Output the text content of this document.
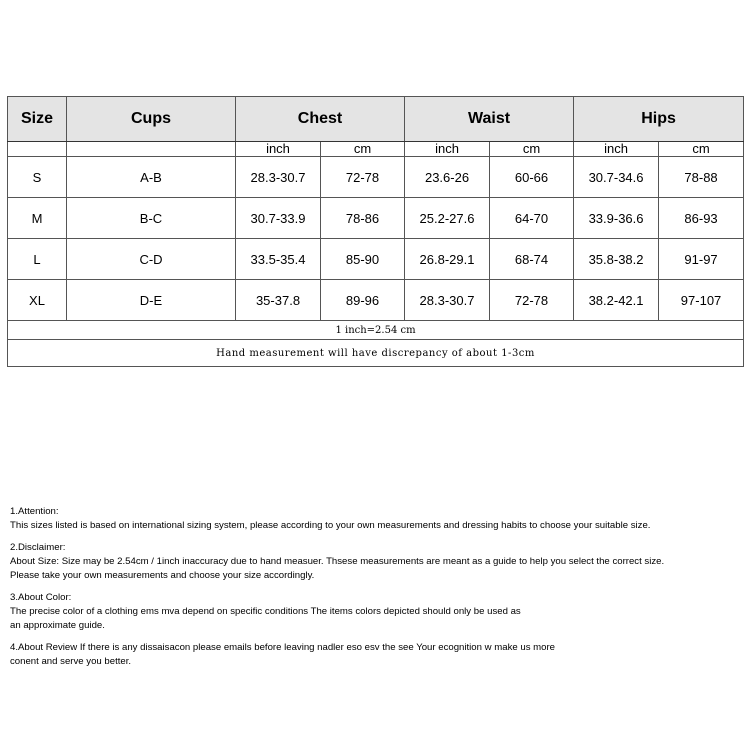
Size	Cups	Chest		Waist		Hips	
		inch	cm	inch	cm	inch	cm
S	A-B	28.3-30.7	72-78	23.6-26	60-66	30.7-34.6	78-88
M	B-C	30.7-33.9	78-86	25.2-27.6	64-70	33.9-36.6	86-93
L	C-D	33.5-35.4	85-90	26.8-29.1	68-74	35.8-38.2	91-97
XL	D-E	35-37.8	89-96	28.3-30.7	72-78	38.2-42.1	97-107
1 inch=2.54 cm							
Hand measurement will have discrepancy of about 1-3cm							
1.Attention:
This sizes listed is based on international sizing system, please according to your own measurements and dressing habits to choose your suitable size.
2.Disclaimer:
About Size: Size may be 2.54cm / 1inch inaccuracy due to hand measuer. Thsese measurements are meant as a guide to help you select the correct size.
Please take your own measurements and choose your size accordingly.
3.About Color:
The precise color of a clothing ems mva depend on specific conditions The items colors depicted should only be used as
an approximate guide.
4.About Review If there is any dissaisacon please emails before leaving nadler eso esv the see Your ecognition w make us more
conent and serve you better.
